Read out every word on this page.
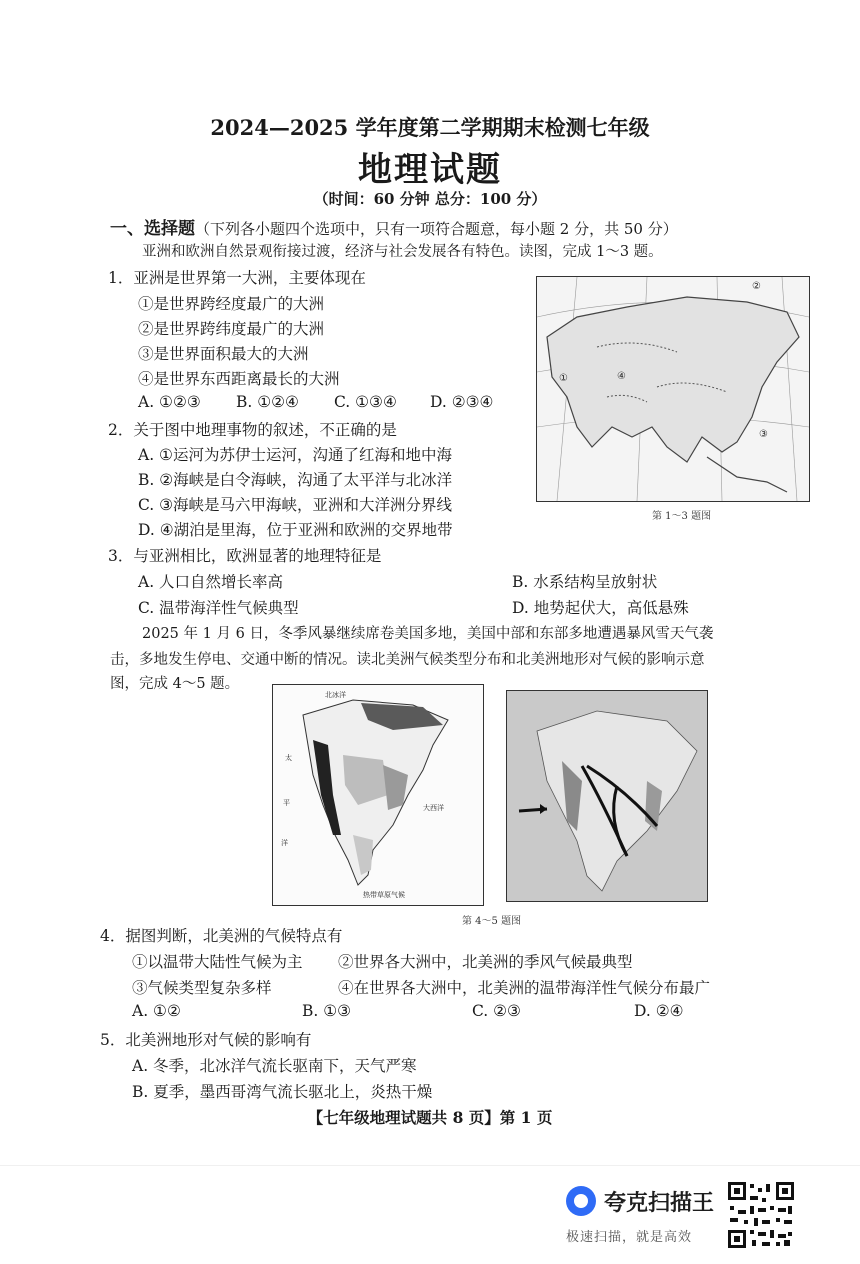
2024—2025 学年度第二学期期末检测七年级
地理试题
（时间：60 分钟 总分：100 分）
一、选择题（下列各小题四个选项中，只有一项符合题意，每小题 2 分，共 50 分）
亚洲和欧洲自然景观衔接过渡，经济与社会发展各有特色。读图，完成 1～3 题。
1．亚洲是世界第一大洲，主要体现在
①是世界跨经度最广的大洲
②是世界跨纬度最广的大洲
③是世界面积最大的大洲
④是世界东西距离最长的大洲
A. ①②③ B. ①②④ C. ①③④ D. ②③④
2．关于图中地理事物的叙述，不正确的是
A. ①运河为苏伊士运河，沟通了红海和地中海
B. ②海峡是白令海峡，沟通了太平洋与北冰洋
C. ③海峡是马六甲海峡，亚洲和大洋洲分界线
D. ④湖泊是里海，位于亚洲和欧洲的交界地带
①
②
③
④
第 1～3 题图
3．与亚洲相比，欧洲显著的地理特征是
A. 人口自然增长率高	B. 水系结构呈放射状
C. 温带海洋性气候典型	D. 地势起伏大，高低悬殊
2025 年 1 月 6 日，冬季风暴继续席卷美国多地，美国中部和东部多地遭遇暴风雪天气袭
击，多地发生停电、交通中断的情况。读北美洲气候类型分布和北美洲地形对气候的影响示意
图，完成 4～5 题。
北冰洋
太
平
洋
大西洋
热带草原气候
第 4～5 题图
4．据图判断，北美洲的气候特点有
①以温带大陆性气候为主 ②世界各大洲中，北美洲的季风气候最典型
③气候类型复杂多样	④在世界各大洲中，北美洲的温带海洋性气候分布最广
A. ①②	B. ①③	C. ②③	D. ②④
5．北美洲地形对气候的影响有
A. 冬季，北冰洋气流长驱南下，天气严寒
B. 夏季，墨西哥湾气流长驱北上，炎热干燥
【七年级地理试题共 8 页】第 1 页
夸克扫描王
极速扫描，就是高效
